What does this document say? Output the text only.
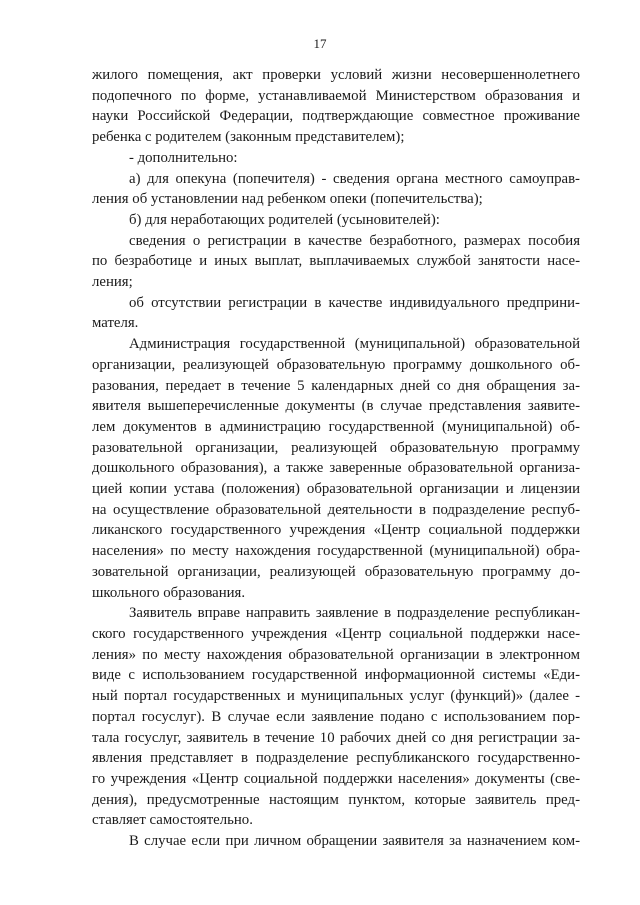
17

жилого помещения, акт проверки условий жизни несовершеннолетнего

подопечного по форме, устанавливаемой Министерством образования и

науки Российской Федерации, подтверждающие совместное проживание

ребенка с родителем (законным представителем);

- дополнительно:

а) для опекуна (попечителя) - сведения органа местного самоуправ-

ления об установлении над ребенком опеки (попечительства);

б) для неработающих родителей (усыновителей):

сведения о регистрации в качестве безработного, размерах пособия

по безработице и иных выплат, выплачиваемых службой занятости насе-

ления;

об отсутствии регистрации в качестве индивидуального предприни-

мателя.

Администрация государственной (муниципальной) образовательной

организации, реализующей образовательную программу дошкольного об-

разования, передает в течение 5 календарных дней со дня обращения за-

явителя вышеперечисленные документы (в случае представления заявите-

лем документов в администрацию государственной (муниципальной) об-

разовательной организации, реализующей образовательную программу

дошкольного образования), а также заверенные образовательной организа-

цией копии устава (положения) образовательной организации и лицензии

на осуществление образовательной деятельности в подразделение респуб-

ликанского государственного учреждения «Центр социальной поддержки

населения» по месту нахождения государственной (муниципальной) обра-

зовательной организации, реализующей образовательную программу до-

школьного образования.

Заявитель вправе направить заявление в подразделение республикан-

ского государственного учреждения «Центр социальной поддержки насе-

ления» по месту нахождения образовательной организации в электронном

виде с использованием государственной информационной системы «Еди-

ный портал государственных и муниципальных услуг (функций)» (далее -

портал госуслуг). В случае если заявление подано с использованием пор-

тала госуслуг, заявитель в течение 10 рабочих дней со дня регистрации за-

явления представляет в подразделение республиканского государственно-

го учреждения «Центр социальной поддержки населения» документы (све-

дения), предусмотренные настоящим пунктом, которые заявитель пред-

ставляет самостоятельно.

В случае если при личном обращении заявителя за назначением ком-
